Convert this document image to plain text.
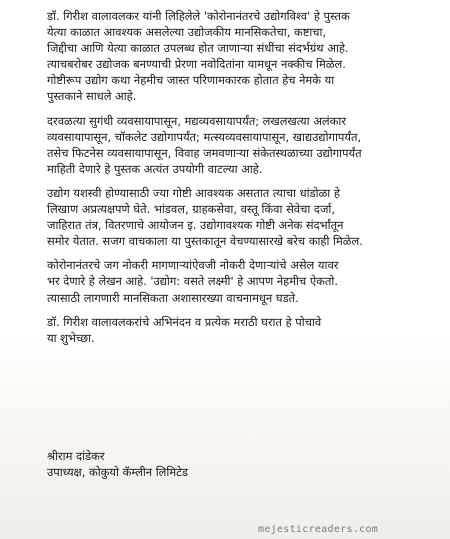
डॉ. गिरीश वालावलकर यांनी लिहिलेले 'कोरोनानंतरचे उद्योगविश्व' हे पुस्तक
येत्या काळात आवश्यक असलेल्या उद्योजकीय मानसिकतेचा, कष्टाचा,
जिद्दीचा आणि येत्या काळात उपलब्ध होत जाणाऱ्या संधींचा संदर्भग्रंथ आहे.
त्याचबरोबर उद्योजक बनण्याची प्रेरणा नवोदितांना यामधून नक्कीच मिळेल.
गोष्टीरूप उद्योग कथा नेहमीच जास्त परिणामकारक होतात हेच नेमके या
पुस्तकाने साधले आहे.

दरवळत्या सुगंधी व्यवसायापासून, मद्यव्यवसायापर्यंत; लखलखत्या अलंकार
व्यवसायापासून, चॉकलेट उद्योगापर्यंत; मत्स्यव्यवसायापासून, खाद्यउद्योगापर्यंत,
तसेच फिटनेस व्यवसायापासून, विवाह जमवणाऱ्या संकेतस्थळाच्या उद्योगापर्यंत
माहिती देणारे हे पुस्तक अत्यंत उपयोगी वाटल्या आहे.

उद्योग यशस्वी होण्यासाठी ज्या गोष्टी आवश्यक असतात त्याचा धांडोळा हे
लिखाण अप्रत्यक्षपणे घेते. भांडवल, ग्राहकसेवा, वस्तू किंवा सेवेचा दर्जा,
जाहिरात तंत्र, वितरणाचे आयोजन इ. उद्योगावश्यक गोष्टी अनेक संदर्भांतून
समोर येतात. सजग वाचकाला या पुस्तकातून वेचण्यासारखे बरेच काही मिळेल.

कोरोनानंतरचे जग नोकरी मागणाऱ्यांऐवजी नोकरी देणाऱ्यांचे असेल यावर
भर देणारे हे लेखन आहे. 'उद्योग: वसते लक्ष्मी' हे आपण नेहमीच ऐकतो.
त्यासाठी लागणारी मानसिकता अशासारख्या वाचनामधून घडते.

डॉ. गिरीश वालावलकरांचे अभिनंदन व प्रत्येक मराठी घरात हे पोचावे
या शुभेच्छा.

श्रीराम दांडेकर
उपाध्यक्ष, कोकुयो कॅम्लीन लिमिटेड
mejesticreaders.com
